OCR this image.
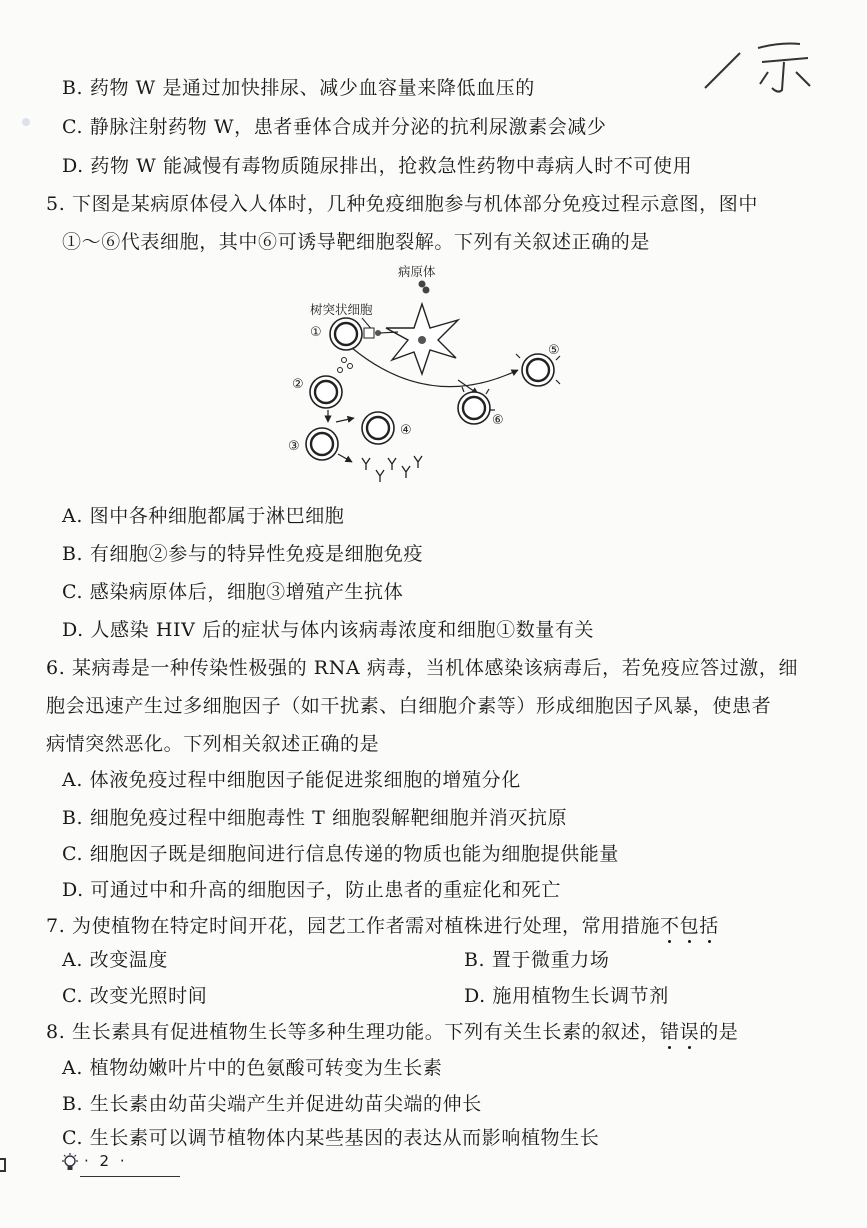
B. 药物 W 是通过加快排尿、减少血容量来降低血压的
C. 静脉注射药物 W，患者垂体合成并分泌的抗利尿激素会减少
D. 药物 W 能减慢有毒物质随尿排出，抢救急性药物中毒病人时不可使用
5. 下图是某病原体侵入人体时，几种免疫细胞参与机体部分免疫过程示意图，图中
①～⑥代表细胞，其中⑥可诱导靶细胞裂解。下列有关叙述正确的是
病原体
树突状细胞
①
②
③
④
⑤
⑥
A. 图中各种细胞都属于淋巴细胞
B. 有细胞②参与的特异性免疫是细胞免疫
C. 感染病原体后，细胞③增殖产生抗体
D. 人感染 HIV 后的症状与体内该病毒浓度和细胞①数量有关
6. 某病毒是一种传染性极强的 RNA 病毒，当机体感染该病毒后，若免疫应答过激，细
胞会迅速产生过多细胞因子（如干扰素、白细胞介素等）形成细胞因子风暴，使患者
病情突然恶化。下列相关叙述正确的是
A. 体液免疫过程中细胞因子能促进浆细胞的增殖分化
B. 细胞免疫过程中细胞毒性 T 细胞裂解靶细胞并消灭抗原
C. 细胞因子既是细胞间进行信息传递的物质也能为细胞提供能量
D. 可通过中和升高的细胞因子，防止患者的重症化和死亡
7. 为使植物在特定时间开花，园艺工作者需对植株进行处理，常用措施不包括
A. 改变温度	B. 置于微重力场
C. 改变光照时间	D. 施用植物生长调节剂
8. 生长素具有促进植物生长等多种生理功能。下列有关生长素的叙述，错误的是
A. 植物幼嫩叶片中的色氨酸可转变为生长素
B. 生长素由幼苗尖端产生并促进幼苗尖端的伸长
C. 生长素可以调节植物体内某些基因的表达从而影响植物生长
· 2 ·
